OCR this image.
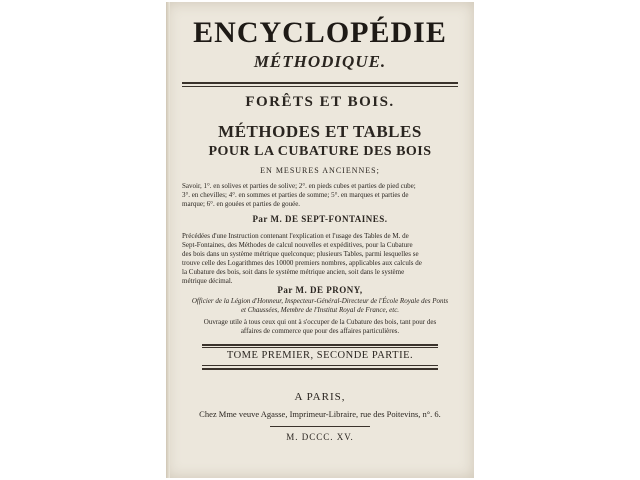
ENCYCLOPÉDIE
MÉTHODIQUE.
FORÊTS ET BOIS.
MÉTHODES ET TABLES
POUR LA CUBATURE DES BOIS
EN MESURES ANCIENNES;
Savoir, 1°. en solives et parties de solive; 2°. en pieds cubes et parties de pied cube;
3°. en chevilles; 4°. en sommes et parties de somme; 5°. en marques et parties de
marque; 6°. en gouées et parties de gouée.
Par M. DE SEPT-FONTAINES.
Précédées d'une Instruction contenant l'explication et l'usage des Tables de M. de
Sept-Fontaines, des Méthodes de calcul nouvelles et expéditives, pour la Cubature
des bois dans un système métrique quelconque; plusieurs Tables, parmi lesquelles se
trouve celle des Logarithmes des 10000 premiers nombres, applicables aux calculs de
la Cubature des bois, soit dans le système métrique ancien, soit dans le système
métrique décimal.
Par M. DE PRONY,
Officier de la Légion d'Honneur, Inspecteur-Général-Directeur de l'École Royale des Ponts
et Chaussées, Membre de l'Institut Royal de France, etc.
Ouvrage utile à tous ceux qui ont à s'occuper de la Cubature des bois, tant pour des
affaires de commerce que pour des affaires particulières.
TOME PREMIER, SECONDE PARTIE.
A PARIS,
Chez Mme veuve Agasse, Imprimeur-Libraire, rue des Poitevins, n°. 6.
M. DCCC. XV.
